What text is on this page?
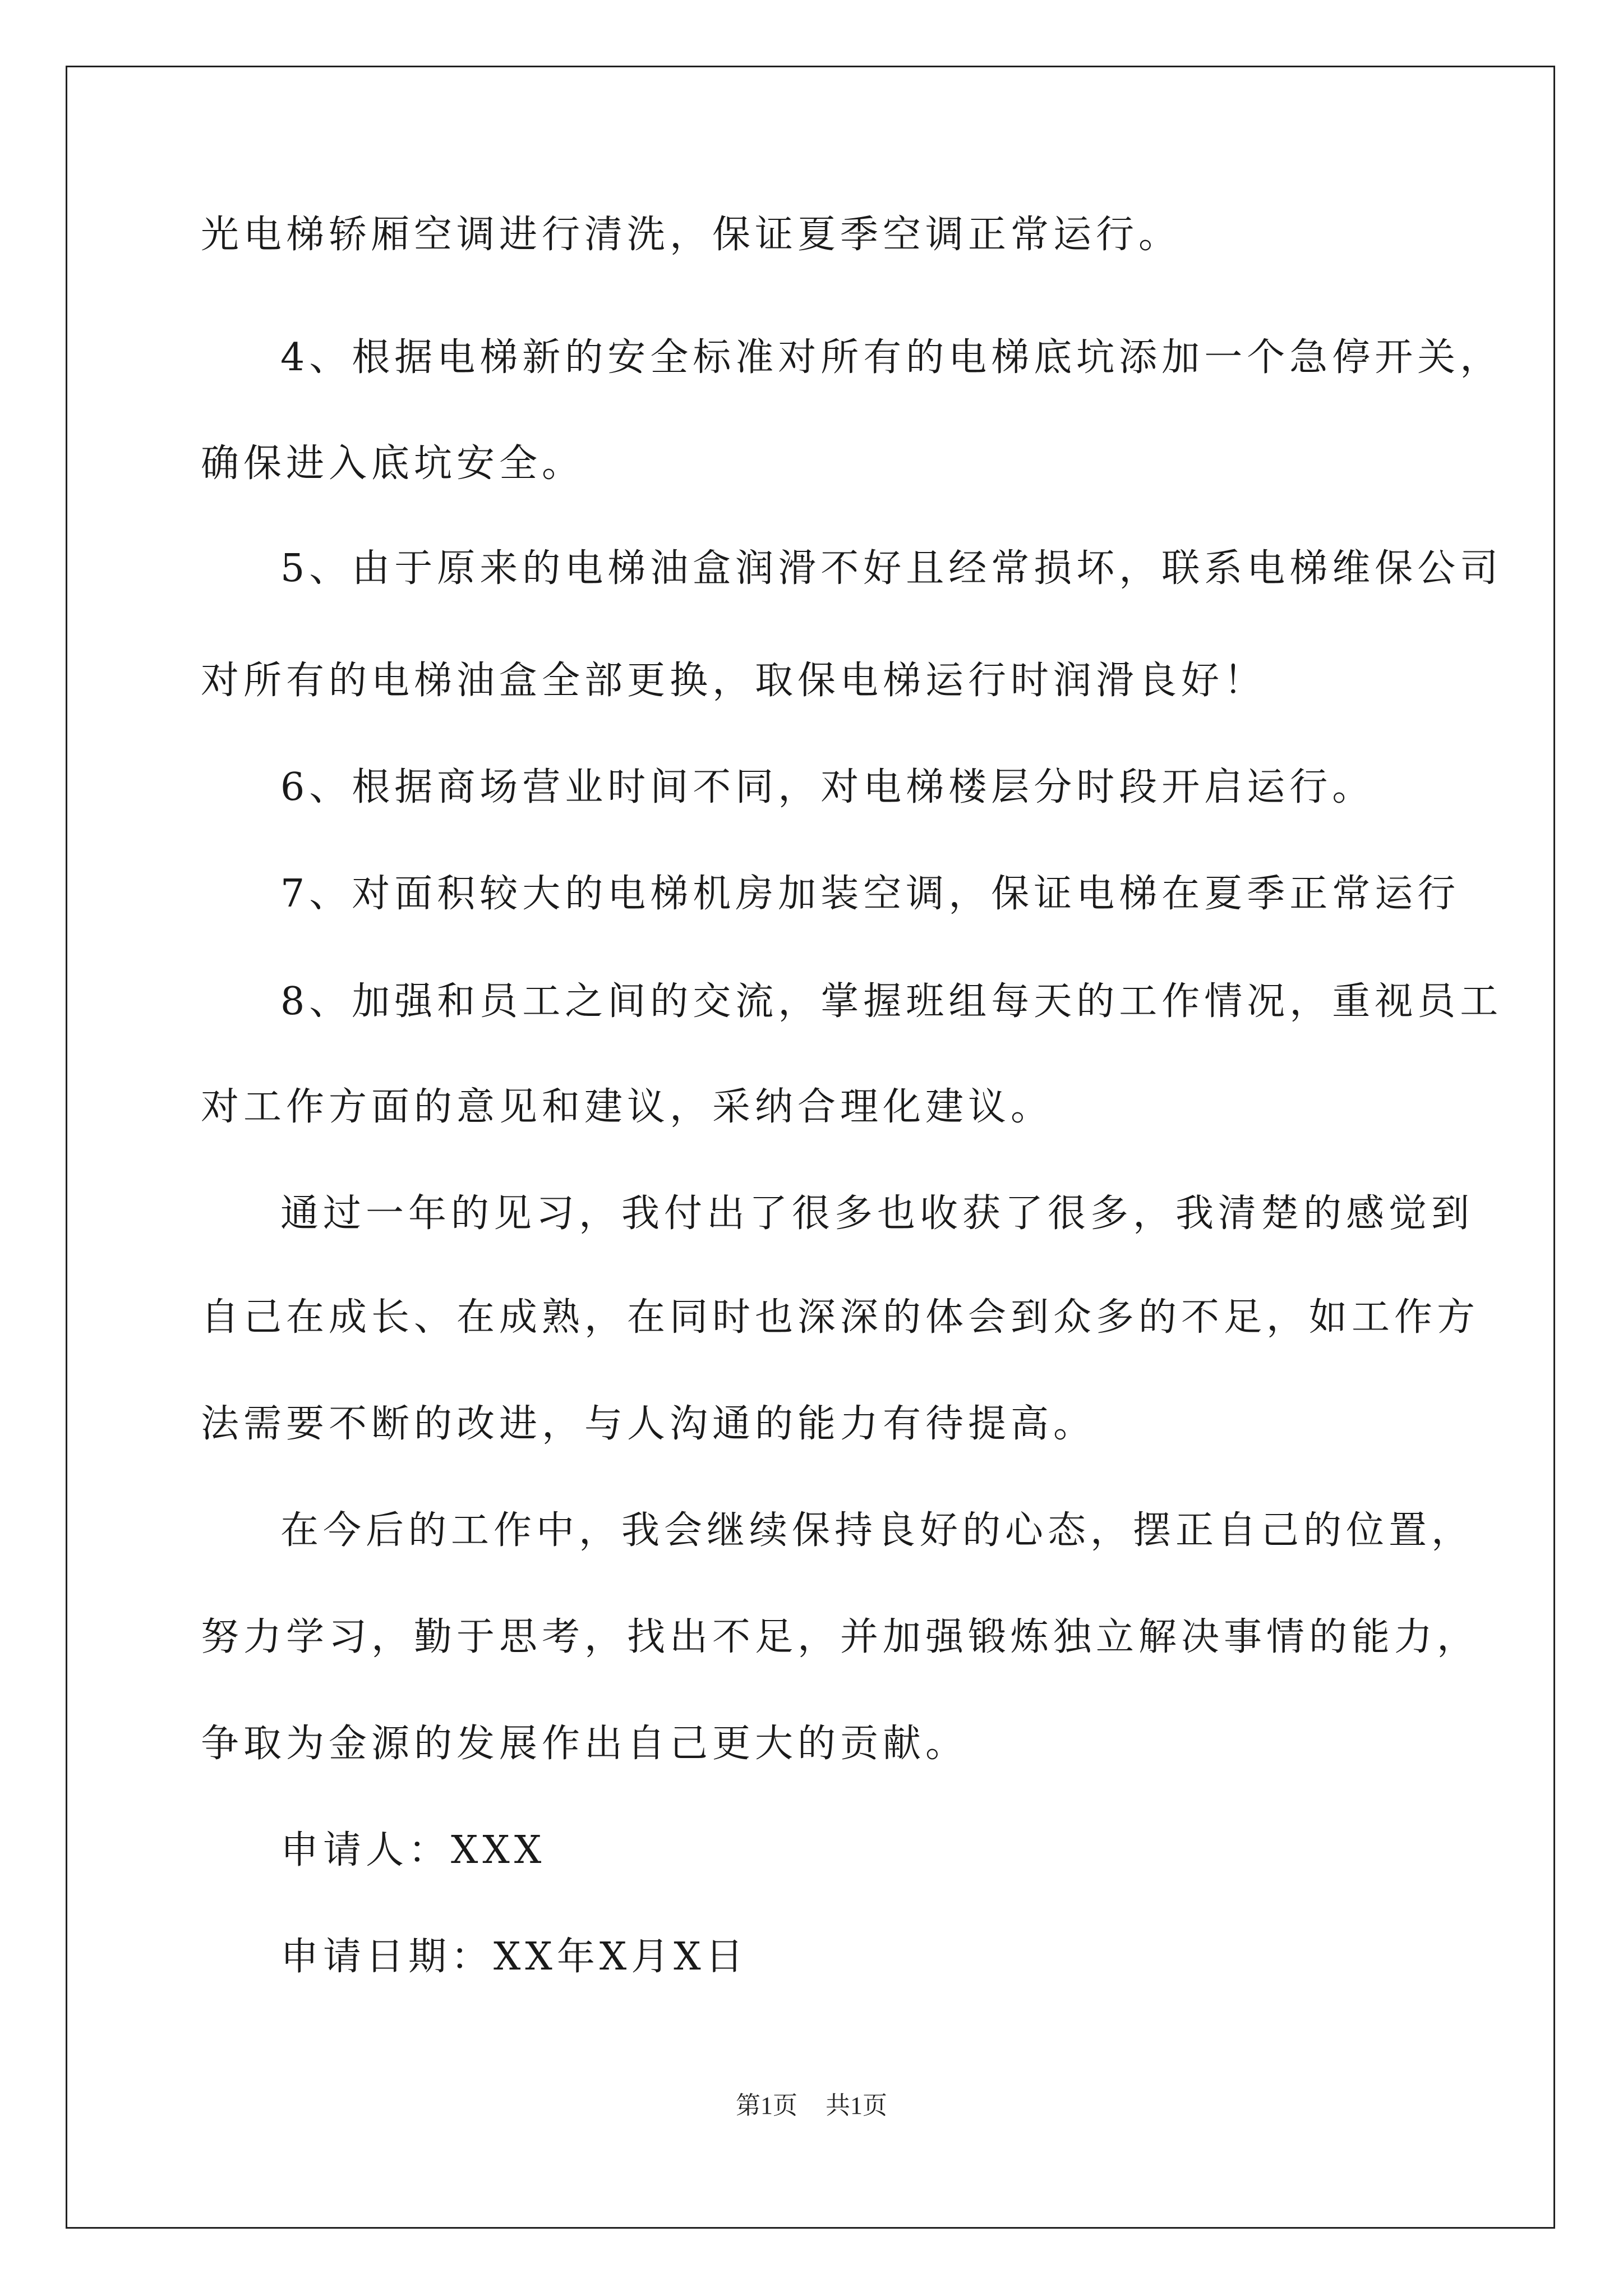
光电梯轿厢空调进行清洗，保证夏季空调正常运行。
4、根据电梯新的安全标准对所有的电梯底坑添加一个急停开关，
确保进入底坑安全。
5、由于原来的电梯油盒润滑不好且经常损坏，联系电梯维保公司
对所有的电梯油盒全部更换，取保电梯运行时润滑良好！
6、根据商场营业时间不同，对电梯楼层分时段开启运行。
7、对面积较大的电梯机房加装空调，保证电梯在夏季正常运行
8、加强和员工之间的交流，掌握班组每天的工作情况，重视员工
对工作方面的意见和建议，采纳合理化建议。
通过一年的见习，我付出了很多也收获了很多，我清楚的感觉到
自己在成长、在成熟，在同时也深深的体会到众多的不足，如工作方
法需要不断的改进，与人沟通的能力有待提高。
在今后的工作中，我会继续保持良好的心态，摆正自己的位置，
努力学习，勤于思考，找出不足，并加强锻炼独立解决事情的能力，
争取为金源的发展作出自己更大的贡献。
申请人：XXX
申请日期：XX年X月X日
第1页 共1页
